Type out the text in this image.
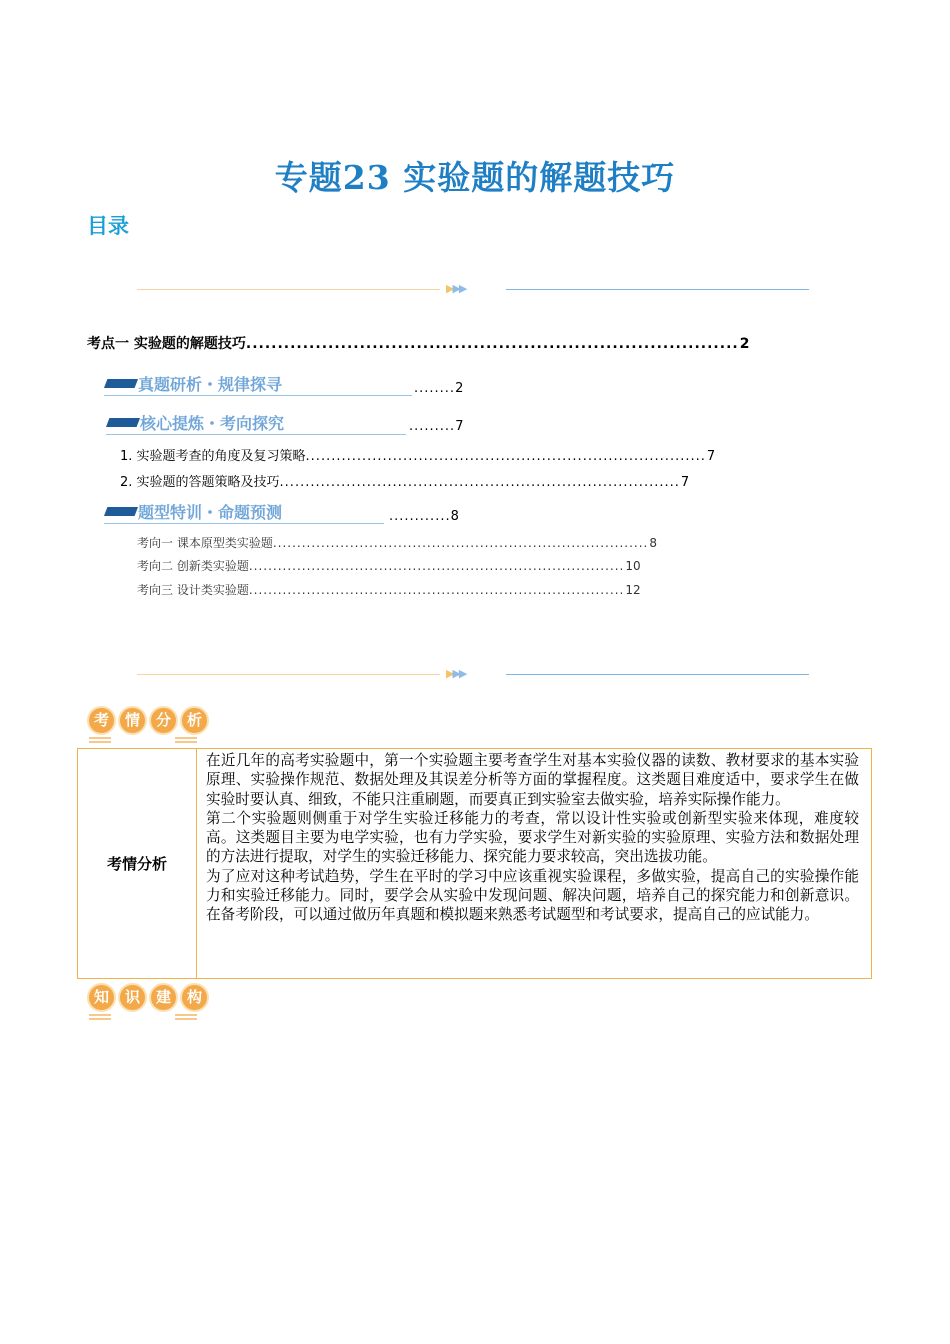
专题23 实验题的解题技巧
目录
▶▶▶
考点一 实验题的解题技巧 .............................................................................. 2
真题研析・规律探寻	........2
核心提炼・考向探究	.........7
1. 实验题考查的角度及复习策略 .............................................................................. 7
2. 实验题的答题策略及技巧 .............................................................................. 7
题型特训・命题预测	............8
考向一 课本原型类实验题 .............................................................................. 8
考向二 创新类实验题 .............................................................................. 10
考向三 设计类实验题 .............................................................................. 12
▶▶▶
考	情	分	析
考情分析

在近几年的高考实验题中，第一个实验题主要考查学生对基本实验仪器的读数、教材要求的基本实验原理、实验操作规范、数据处理及其误差分析等方面的掌握程度。这类题目难度适中，要求学生在做实验时要认真、细致，不能只注重刷题，而要真正到实验室去做实验，培养实际操作能力。

第二个实验题则侧重于对学生实验迁移能力的考查，常以设计性实验或创新型实验来体现，难度较高。这类题目主要为电学实验，也有力学实验，要求学生对新实验的实验原理、实验方法和数据处理的方法进行提取，对学生的实验迁移能力、探究能力要求较高，突出选拔功能。

为了应对这种考试趋势，学生在平时的学习中应该重视实验课程，多做实验，提高自己的实验操作能力和实验迁移能力。同时，要学会从实验中发现问题、解决问题，培养自己的探究能力和创新意识。在备考阶段，可以通过做历年真题和模拟题来熟悉考试题型和考试要求，提高自己的应试能力。

知	识	建	构
